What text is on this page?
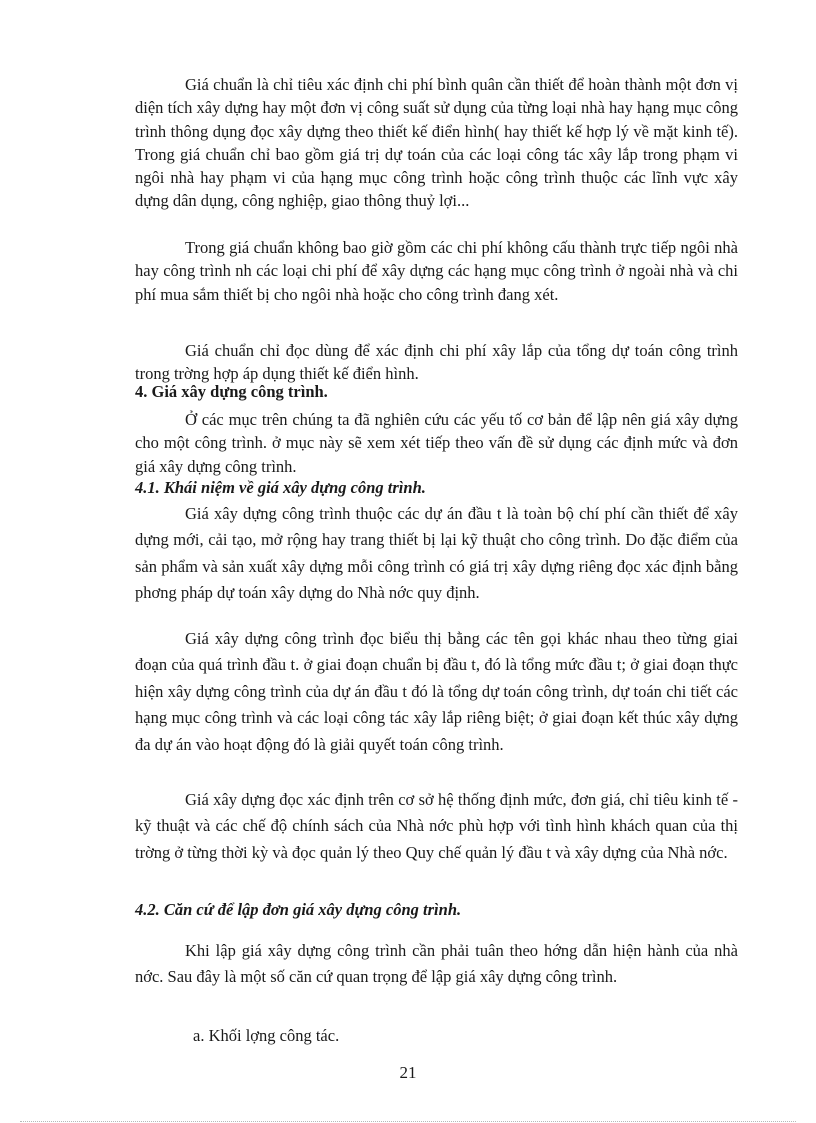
Giá chuẩn là chỉ tiêu xác định chi phí bình quân cần thiết để hoàn thành một đơn vị diện tích xây dựng hay một đơn vị công suất sử dụng của từng loại nhà hay hạng mục công trình thông dụng đọc xây dựng theo thiết kế điển hình( hay thiết kế hợp lý về mặt kinh tế). Trong giá chuẩn chỉ bao gồm giá trị dự toán của các loại công tác xây lắp trong phạm vi ngôi nhà hay phạm vi của hạng mục công trình hoặc công trình thuộc các lĩnh vực xây dựng dân dụng, công nghiệp, giao thông thuỷ lợi...

Trong giá chuẩn không bao giờ gồm các chi phí không cấu thành trực tiếp ngôi nhà hay công trình nh các loại chi phí để xây dựng các hạng mục công trình ở ngoài nhà và chi phí mua sắm thiết bị cho ngôi nhà hoặc cho công trình đang xét.

Giá chuẩn chỉ đọc dùng để xác định chi phí xây lắp của tổng dự toán công trình trong trờng hợp áp dụng thiết kế điển hình.

4. Giá xây dựng công trình.

Ở các mục trên chúng ta đã nghiên cứu các yếu tố cơ bản để lập nên giá xây dựng cho một công trình. ở mục này sẽ xem xét tiếp theo vấn đề sử dụng các định mức và đơn giá xây dựng công trình.

4.1. Khái niệm về giá xây dựng công trình.

Giá xây dựng công trình thuộc các dự án đầu t là toàn bộ chí phí cần thiết để xây dựng mới, cải tạo, mở rộng hay trang thiết bị lại kỹ thuật cho công trình. Do đặc điểm của sản phẩm và sản xuất xây dựng mỗi công trình có giá trị xây dựng riêng đọc xác định bằng phơng pháp dự toán xây dựng do Nhà nớc quy định.

Giá xây dựng công trình đọc biểu thị bằng các tên gọi khác nhau theo từng giai đoạn của quá trình đầu t. ở giai đoạn chuẩn bị đầu t, đó là tổng mức đầu t; ở giai đoạn thực hiện xây dựng công trình của dự án đầu t đó là tổng dự toán công trình, dự toán chi tiết các hạng mục công trình và các loại công tác xây lắp riêng biệt; ở giai đoạn kết thúc xây dựng đa dự án vào hoạt động đó là giải quyết toán công trình.

Giá xây dựng đọc xác định trên cơ sở hệ thống định mức, đơn giá, chỉ tiêu kinh tế - kỹ thuật và các chế độ chính sách của Nhà nớc phù hợp với tình hình khách quan của thị trờng ở từng thời kỳ và đọc quản lý theo Quy chế quản lý đầu t và xây dựng của Nhà nớc.

4.2. Căn cứ để lập đơn giá xây dựng công trình.

Khi lập giá xây dựng công trình cần phải tuân theo hớng dẫn hiện hành của nhà nớc. Sau đây là một số căn cứ quan trọng để lập giá xây dựng công trình.

a. Khối lợng công tác.

21
